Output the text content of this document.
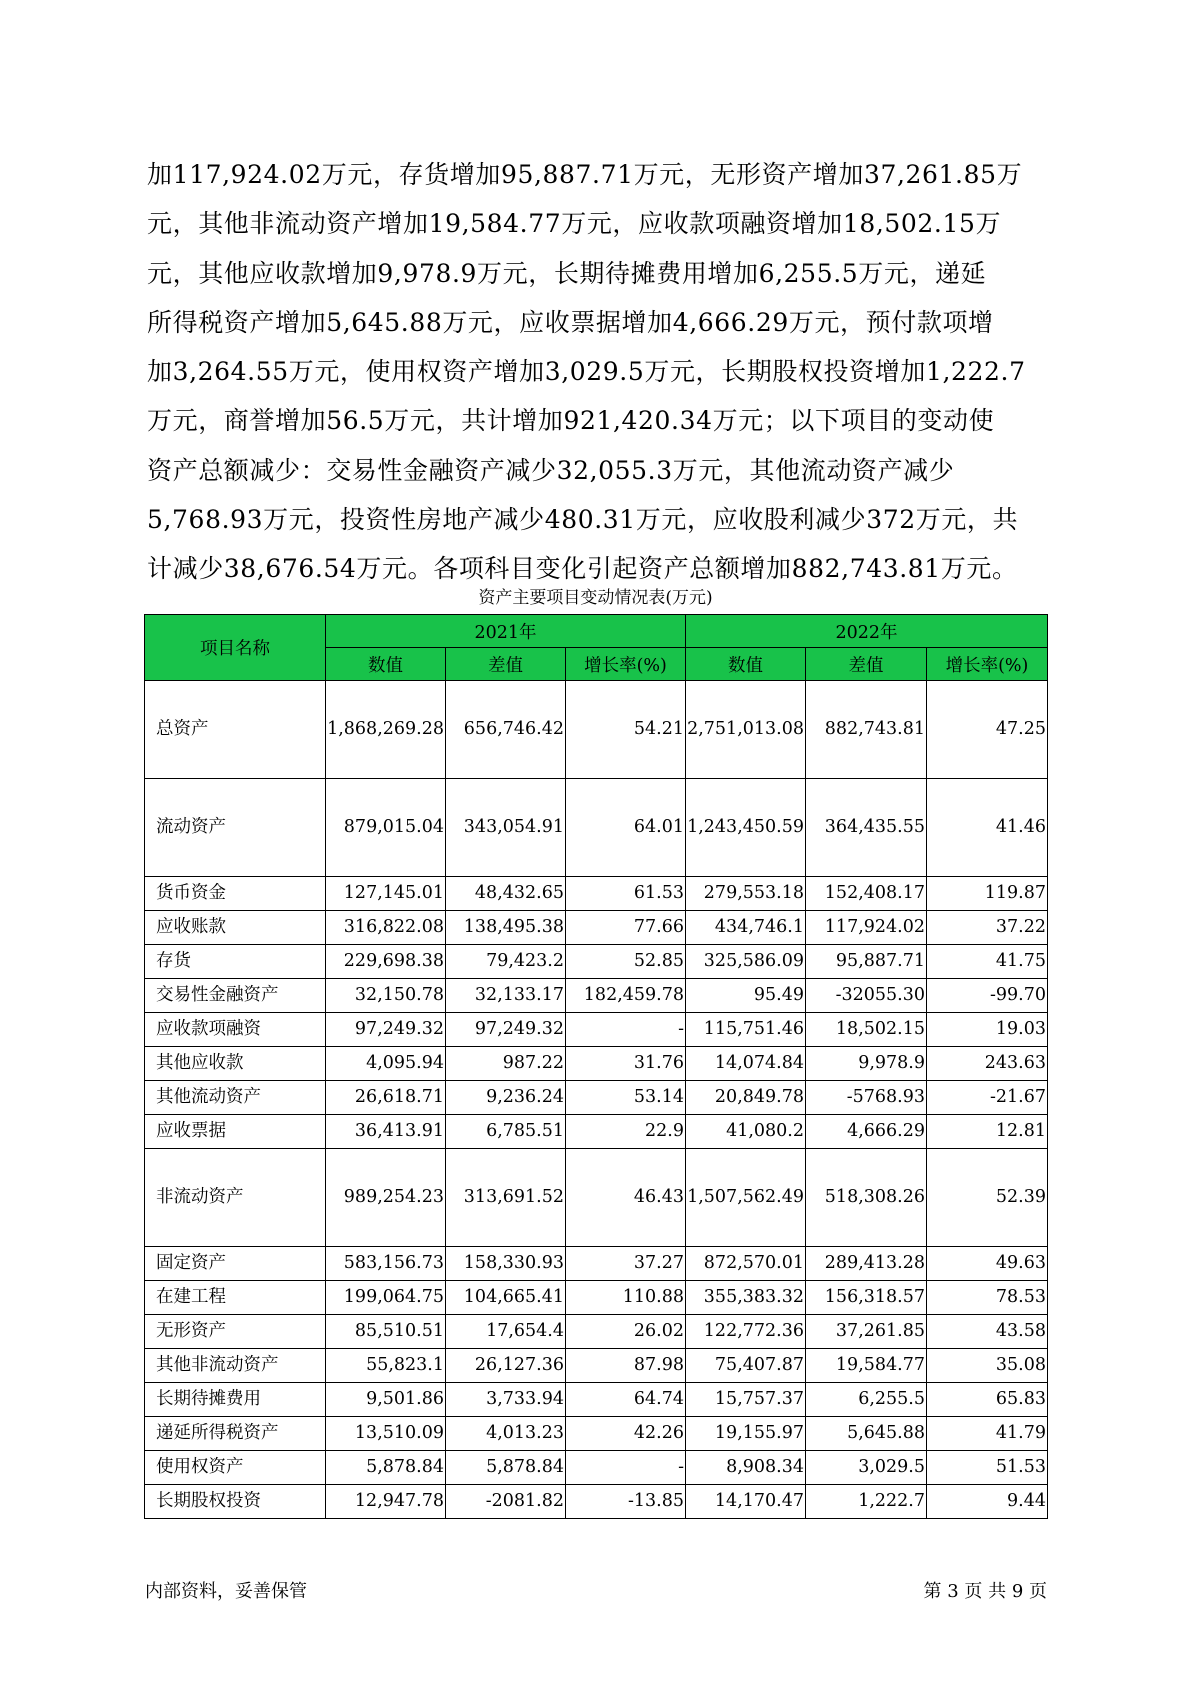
加117,924.02万元，存货增加95,887.71万元，无形资产增加37,261.85万

元，其他非流动资产增加19,584.77万元，应收款项融资增加18,502.15万

元，其他应收款增加9,978.9万元，长期待摊费用增加6,255.5万元，递延

所得税资产增加5,645.88万元，应收票据增加4,666.29万元，预付款项增

加3,264.55万元，使用权资产增加3,029.5万元，长期股权投资增加1,222.7

万元，商誉增加56.5万元，共计增加921,420.34万元；以下项目的变动使

资产总额减少：交易性金融资产减少32,055.3万元，其他流动资产减少

5,768.93万元，投资性房地产减少480.31万元，应收股利减少372万元，共

计减少38,676.54万元。各项科目变化引起资产总额增加882,743.81万元。

资产主要项目变动情况表(万元)
项目名称	2021年			2022年		
	数值	差值	增长率(%)	数值	差值	增长率(%)
总资产	1,868,269.28	656,746.42	54.21	2,751,013.08	882,743.81	47.25
流动资产	879,015.04	343,054.91	64.01	1,243,450.59	364,435.55	41.46
货币资金	127,145.01	48,432.65	61.53	279,553.18	152,408.17	119.87
应收账款	316,822.08	138,495.38	77.66	434,746.1	117,924.02	37.22
存货	229,698.38	79,423.2	52.85	325,586.09	95,887.71	41.75
交易性金融资产	32,150.78	32,133.17	182,459.78	95.49	-32055.30	-99.70
应收款项融资	97,249.32	97,249.32	-	115,751.46	18,502.15	19.03
其他应收款	4,095.94	987.22	31.76	14,074.84	9,978.9	243.63
其他流动资产	26,618.71	9,236.24	53.14	20,849.78	-5768.93	-21.67
应收票据	36,413.91	6,785.51	22.9	41,080.2	4,666.29	12.81
非流动资产	989,254.23	313,691.52	46.43	1,507,562.49	518,308.26	52.39
固定资产	583,156.73	158,330.93	37.27	872,570.01	289,413.28	49.63
在建工程	199,064.75	104,665.41	110.88	355,383.32	156,318.57	78.53
无形资产	85,510.51	17,654.4	26.02	122,772.36	37,261.85	43.58
其他非流动资产	55,823.1	26,127.36	87.98	75,407.87	19,584.77	35.08
长期待摊费用	9,501.86	3,733.94	64.74	15,757.37	6,255.5	65.83
递延所得税资产	13,510.09	4,013.23	42.26	19,155.97	5,645.88	41.79
使用权资产	5,878.84	5,878.84	-	8,908.34	3,029.5	51.53
长期股权投资	12,947.78	-2081.82	-13.85	14,170.47	1,222.7	9.44
内部资料，妥善保管	第 3 页 共 9 页
